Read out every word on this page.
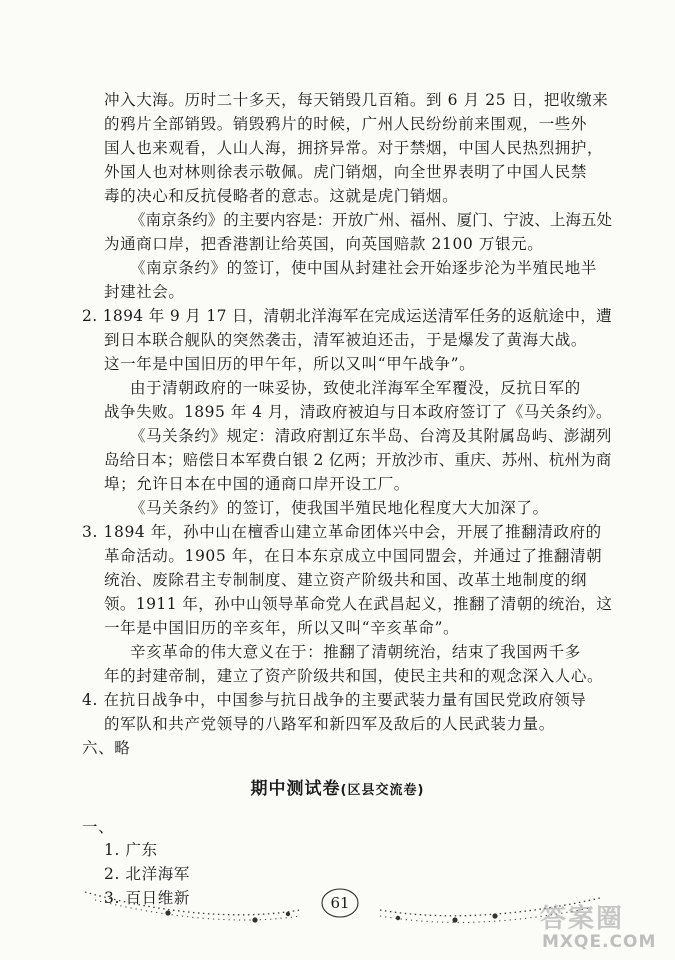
冲入大海。历时二十多天，每天销毁几百箱。到 6 月 25 日，把收缴来
的鸦片全部销毁。销毁鸦片的时候，广州人民纷纷前来围观，一些外
国人也来观看，人山人海，拥挤异常。对于禁烟，中国人民热烈拥护，
外国人也对林则徐表示敬佩。虎门销烟，向全世界表明了中国人民禁
毒的决心和反抗侵略者的意志。这就是虎门销烟。
《南京条约》的主要内容是：开放广州、福州、厦门、宁波、上海五处
为通商口岸，把香港割让给英国，向英国赔款 2100 万银元。
《南京条约》的签订，使中国从封建社会开始逐步沦为半殖民地半
封建社会。
2. 1894 年 9 月 17 日，清朝北洋海军在完成运送清军任务的返航途中，遭
到日本联合舰队的突然袭击，清军被迫还击，于是爆发了黄海大战。
这一年是中国旧历的甲午年，所以又叫“甲午战争”。
由于清朝政府的一味妥协，致使北洋海军全军覆没，反抗日军的
战争失败。1895 年 4 月，清政府被迫与日本政府签订了《马关条约》。
《马关条约》规定：清政府割辽东半岛、台湾及其附属岛屿、澎湖列
岛给日本；赔偿日本军费白银 2 亿两；开放沙市、重庆、苏州、杭州为商
埠；允许日本在中国的通商口岸开设工厂。
《马关条约》的签订，使我国半殖民地化程度大大加深了。
3. 1894 年，孙中山在檀香山建立革命团体兴中会，开展了推翻清政府的
革命活动。1905 年，在日本东京成立中国同盟会，并通过了推翻清朝
统治、废除君主专制制度、建立资产阶级共和国、改革土地制度的纲
领。1911 年，孙中山领导革命党人在武昌起义，推翻了清朝的统治，这
一年是中国旧历的辛亥年，所以又叫“辛亥革命”。
辛亥革命的伟大意义在于：推翻了清朝统治，结束了我国两千多
年的封建帝制，建立了资产阶级共和国，使民主共和的观念深入人心。
4. 在抗日战争中，中国参与抗日战争的主要武装力量有国民党政府领导
的军队和共产党领导的八路军和新四军及敌后的人民武装力量。
六、略
期中测试卷(区县交流卷)
一、
1. 广东
2. 北洋海军
3. 百日维新	61
答案圈
MXQE.COM
